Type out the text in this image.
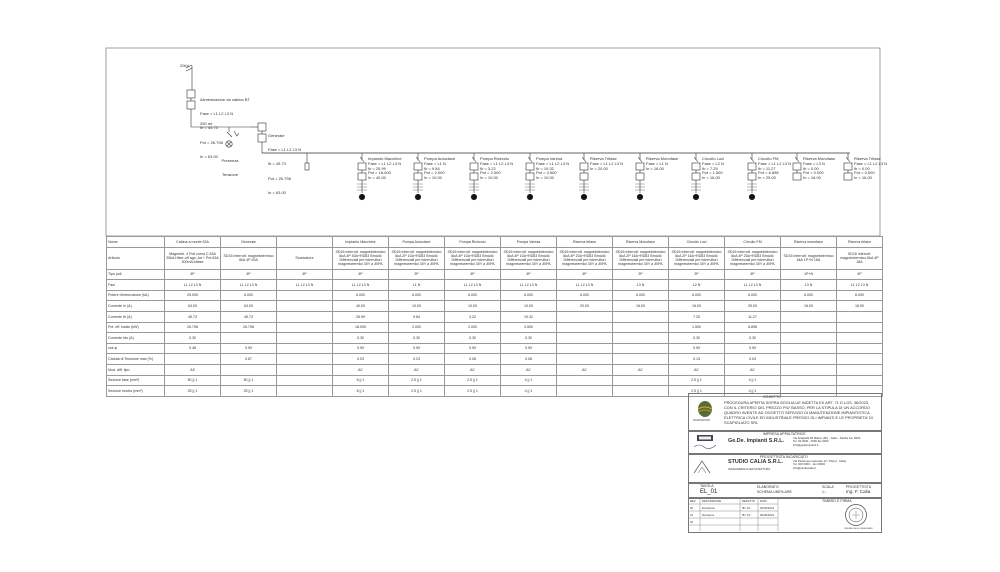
20kV

Alimentazione da cabina BT

Fase = L1 L2 L3 N

Ib = 45.73

Pot = 26.798

In = 63.00

250 mt

Presenza

Tensione

Generale

Fase = L1 L2 L3 N

Ib = 45.73

Pot = 26.798

In = 63.00

Impianto Macchine
Fase = L1 L2 L3 N
Ib = 25.99
Pot = 18.000
In = 40.00
Pompa Autoclave
Fase = L1 N
Ib = 9.84
Pot = 2.000
In = 10.00
Pompa Ricircolo
Fase = L1 L2 L3 N
Ib = 3.22
Pot = 2.000
In = 10.00
Pompa Varesa
Fase = L1 L2 L3 N
Ib = 19.32
Pot = 3.500
In = 10.00
Riserva Trifase
Fase = L1 L2 L3 N
In = 20.00
Riserva Monofase
Fase = L1 N
In = 16.00
Circuito Luci
Fase = L2 N
Ib = 7.25
Pot = 1.500
In = 16.00
Circuito FM
Fase = L1 L2 L3 N
Ib = 11.27
Pot = 6.898
In = 25.00
Riserva Monofase
Fase = L3 N
Ib = 0.00
Pot = 0.000
In = 16.00
Riserva Trifase
Fase = L1 L2 L3 N
Ib = 0.00
Pot = 0.000
In = 16.00
Nome	Cabina a monte 63A	Generale		Impianto Macchine	Pompa Autoclave	Pompa Ricircolo	Pompa Varesa	Riserva trifase	Riserva Monofase	Circuito Luci	Circuito FM	Riserva monofase	Riserva trifase
Articolo	Magnetot. 4 Poli curva C 63A 25kA Hiker-off ago. Ad + Pot 63A 300mA trifase	SD16 interrutt. magnetotermico 6kA 4P 63A	Scaricatore	SD16 interrutt. magnetotermico 6kA 4P 40A+RD63 Bmod4 Differenziali per interruttori magnetotermici 30Y a 30PA	SD16 interrutt. magnetotermico 6kA 2P 10A+RD63 Bmod4 Differenziali per interruttori magnetotermici 30Y a 30PA	SD16 interrutt. magnetotermico 6kA 4P 10A+RD63 Bmod4 Differenziali per interruttori magnetotermici 30Y a 30PA	SD16 interrutt. magnetotermico 6kA 4P 10A+RD63 Bmod4 Differenziali per interruttori magnetotermici 30Y a 30PA	SD16 interrutt. magnetotermico 6kA 4P 20A+RD63 Bmod4 Differenziali per interruttori magnetotermici 30Y a 30PA	SD16 interrutt. magnetotermico 6kA 2P 16A+RD63 Bmod4 Differenziali per interruttori magnetotermici 30Y a 30PA	SD16 interrutt. magnetotermico 6kA 2P 16A+RD63 Bmod4 Differenziali per interruttori magnetotermici 30Y a 30PA	SD16 interrutt. magnetotermico 6kA 4P 25A+RD63 Bmod4 Differenziali per interruttori magnetotermici 30Y a 30PA	SD16 interrutt. magnetotermico 6kA 1P+N 16A	SD16 interrutt. magnetotermico 6kA 4P 16A
Tipo poli	4P	4P	4P	4P	2P	4P	4P	4P	2P	2P	4P	1P+N	4P
Fasi	L1 L2 L3 N	L1 L2 L3 N	L1 L2 L3 N	L1 L2 L3 N	L1 N	L1 L2 L3 N	L1 L2 L3 N	L1 L2 L3 N	L3 N	L2 N	L1 L2 L3 N	L3 N	L1 L2 L3 N
Potere d'interruzione (kA)	25.000	6.000		6.000	6.000	6.000	6.000	6.000	6.000	6.000	6.000	6.000	6.000
Corrente In (A)	63.00	63.00		40.00	10.00	10.00	10.00	20.00	16.00	16.00	25.00	16.00	16.00
Corrente Ib (A)	45.73	45.73		26.99	9.84	3.22	19.32			7.25	11.27		
Pot. eff. totale (kW)	26.798	26.798		18.000	2.000	2.000	3.500			1.500	6.898		
Corrente Idn (A)	0.30			0.30	0.30	0.30	0.30			0.30	0.30		
cos φ	0.48	0.90		0.90	0.90	0.90	0.90			0.90	0.90		
Caduta di Tensione max (%)		0.87		0.03	0.23	0.08	0.08			0.13	0.04		
Mod. diff. tipo	AS			AC	AC	AC	AC	AC	AC	AC	AC		
Sezione fase (mm²)	50 || 1	50 || 1		6 || 1	2.5 || 1	2.5 || 1	4 || 1			2.5 || 1	4 || 1		
Sezione neutro (mm²)	25 || 1	25 || 1		6 || 1	2.5 || 1	2.5 || 1	4 || 1			2.5 || 1	4 || 1		
OGGETTO
SCAPIGLIATO
PROCEDURA APERTA SOPRA SOGLIA UE INDETTA EX ART. 71 D.LGS. 36/2023, CON IL CRITERIO DEL PREZZO PIU' BASSO, PER LA STIPULA DI UN ACCORDO QUADRO AVENTE AD OGGETTO SERVIZIO DI MANUTENZIONE IMPIANTISTICA ELETTRICA CIVILE ED INDUSTRIALE PRESSO GLI IMPIANTI E LE PROPRIETA' DI SCAPIGLIATO SRL
IMPRESA APPALTATRICE
Ge.De. Impianti S.R.L.	Via Scalpella 65 Milano (MI) – Italia – Partita Iva: 0000
Tel. 02.0000 - 0000 fax 0000
info@gedeimpianti.it
PROGETTISTA INCARICATO
STUDIO CALIA S.R.L.
INGEGNERIA & ARCHITETTURA
Via Partenope Casorate 12 / Pisa (I - Italia)
Tel. 000 0000 – fax 00000
info@studiocalia.it
TAVOLA
EL_01
ELABORATO
SCHEMA UNIFILARE
SCALA
1:-
PROGETTISTA
Ing. F. Calia
REV DESCRIZIONE	REDATTO DATA
00	Emissione	IB / FC	00/00/2024
01	Revisione	IB / FC	00/00/2024
02
TIMBRO E FIRMA
ORDINE DEGLI INGEGNERI
